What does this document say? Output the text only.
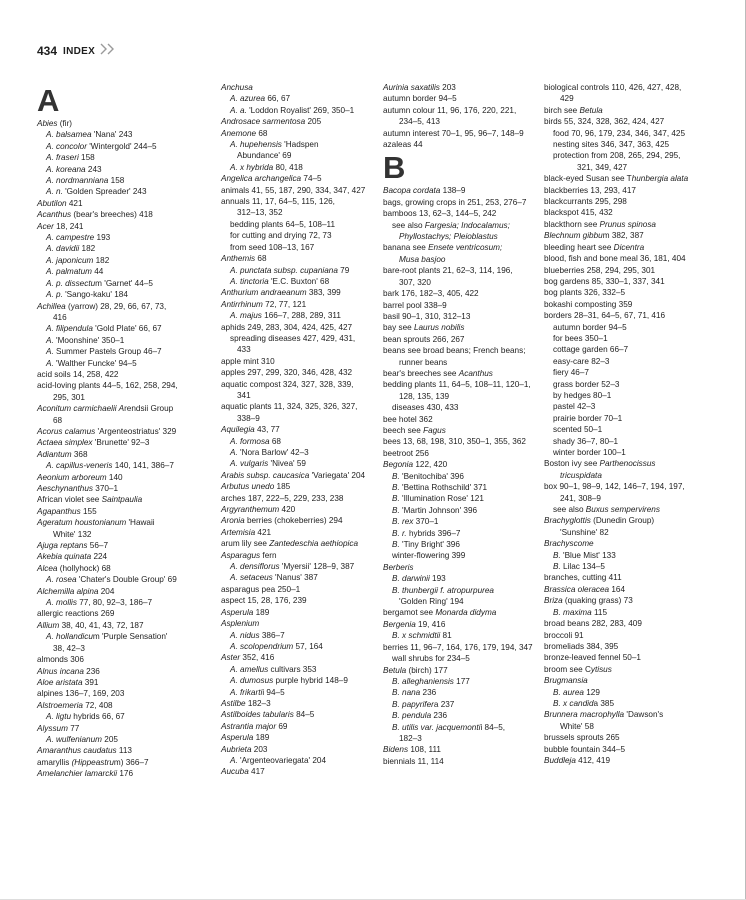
434 INDEX
A
Abies (fir)
A. balsamea 'Nana' 243
A. concolor 'Wintergold' 244–5
A. fraseri 158
A. koreana 243
A. nordmanniana 158
A. n. 'Golden Spreader' 243
Abutilon 421
Acanthus (bear's breeches) 418
Acer 18, 241
A. campestre 193
A. davidii 182
A. japonicum 182
A. palmatum 44
A. p. dissectum 'Garnet' 44–5
A. p. 'Sango-kaku' 184
Achillea (yarrow) 28, 29, 66, 67, 73,
416
A. filipendula 'Gold Plate' 66, 67
A. 'Moonshine' 350–1
A. Summer Pastels Group 46–7
A. 'Walther Funcke' 94–5
acid soils 14, 258, 422
acid-loving plants 44–5, 162, 258, 294,
295, 301
Aconitum carmichaelii Arendsii Group
68
Acorus calamus 'Argenteostriatus' 329
Actaea simplex 'Brunette' 92–3
Adiantum 368
A. capillus-veneris 140, 141, 386–7
Aeonium arboreum 140
Aeschynanthus 370–1
African violet see Saintpaulia
Agapanthus 155
Ageratum houstonianum 'Hawaii
White' 132
Ajuga reptans 56–7
Akebia quinata 224
Alcea (hollyhock) 68
A. rosea 'Chater's Double Group' 69
Alchemilla alpina 204
A. mollis 77, 80, 92–3, 186–7
allergic reactions 269
Allium 38, 40, 41, 43, 72, 187
A. hollandicum 'Purple Sensation'
38, 42–3
almonds 306
Alnus incana 236
Aloe aristata 391
alpines 136–7, 169, 203
Alstroemeria 72, 408
A. ligtu hybrids 66, 67
Alyssum 77
A. wulfenianum 205
Amaranthus caudatus 113
amaryllis (Hippeastrum) 366–7
Amelanchier lamarckii 176
Anchusa
A. azurea 66, 67
A. a. 'Loddon Royalist' 269, 350–1
Androsace sarmentosa 205
Anemone 68
A. hupehensis 'Hadspen
Abundance' 69
A. x hybrida 80, 418
Angelica archangelica 74–5
animals 41, 55, 187, 290, 334, 347, 427
annuals 11, 17, 64–5, 115, 126,
312–13, 352
bedding plants 64–5, 108–11
for cutting and drying 72, 73
from seed 108–13, 167
Anthemis 68
A. punctata subsp. cupaniana 79
A. tinctoria 'E.C. Buxton' 68
Anthurium andraeanum 383, 399
Antirrhinum 72, 77, 121
A. majus 166–7, 288, 289, 311
aphids 249, 283, 304, 424, 425, 427
spreading diseases 427, 429, 431,
433
apple mint 310
apples 297, 299, 320, 346, 428, 432
aquatic compost 324, 327, 328, 339,
341
aquatic plants 11, 324, 325, 326, 327,
338–9
Aquilegia 43, 77
A. formosa 68
A. 'Nora Barlow' 42–3
A. vulgaris 'Nivea' 59
Arabis subsp. caucasica 'Variegata' 204
Arbutus unedo 185
arches 187, 222–5, 229, 233, 238
Argyranthemum 420
Aronia berries (chokeberries) 294
Artemisia 421
arum lily see Zantedeschia aethiopica
Asparagus fern
A. densiflorus 'Myersii' 128–9, 387
A. setaceus 'Nanus' 387
asparagus pea 250–1
aspect 15, 28, 176, 239
Asperula 189
Asplenium
A. nidus 386–7
A. scolopendrium 57, 164
Aster 352, 416
A. amellus cultivars 353
A. dumosus purple hybrid 148–9
A. frikartii 94–5
Astilbe 182–3
Astilboides tabularis 84–5
Astrantia major 69
Asperula 189
Aubrieta 203
A. 'Argenteovariegata' 204
Aucuba 417
Aurinia saxatilis 203
autumn border 94–5
autumn colour 11, 96, 176, 220, 221,
234–5, 413
autumn interest 70–1, 95, 96–7, 148–9
azaleas 44
B
Bacopa cordata 138–9
bags, growing crops in 251, 253, 276–7
bamboos 13, 62–3, 144–5, 242
see also Fargesia; Indocalamus;
Phyllostachys; Pleioblastus
banana see Ensete ventricosum;
Musa basjoo
bare-root plants 21, 62–3, 114, 196,
307, 320
bark 176, 182–3, 405, 422
barrel pool 338–9
basil 90–1, 310, 312–13
bay see Laurus nobilis
bean sprouts 266, 267
beans see broad beans; French beans;
runner beans
bear's breeches see Acanthus
bedding plants 11, 64–5, 108–11, 120–1,
128, 135, 139
diseases 430, 433
bee hotel 362
beech see Fagus
bees 13, 68, 198, 310, 350–1, 355, 362
beetroot 256
Begonia 122, 420
B. 'Benitochiba' 396
B. 'Bettina Rothschild' 371
B. 'Illumination Rose' 121
B. 'Martin Johnson' 396
B. rex 370–1
B. r. hybrids 396–7
B. 'Tiny Bright' 396
winter-flowering 399
Berberis
B. darwinii 193
B. thunbergii f. atropurpurea
'Golden Ring' 194
bergamot see Monarda didyma
Bergenia 19, 416
B. x schmidtii 81
berries 11, 96–7, 164, 176, 179, 194, 347
wall shrubs for 234–5
Betula (birch) 177
B. alleghaniensis 177
B. nana 236
B. papyrifera 237
B. pendula 236
B. utilis var. jacquemontii 84–5,
182–3
Bidens 108, 111
biennials 11, 114
biological controls 110, 426, 427, 428,
429
birch see Betula
birds 55, 324, 328, 362, 424, 427
food 70, 96, 179, 234, 346, 347, 425
nesting sites 346, 347, 363, 425
protection from 208, 265, 294, 295,
321, 349, 427
black-eyed Susan see Thunbergia alata
blackberries 13, 293, 417
blackcurrants 295, 298
blackspot 415, 432
blackthorn see Prunus spinosa
Blechnum gibbum 382, 387
bleeding heart see Dicentra
blood, fish and bone meal 36, 181, 404
blueberries 258, 294, 295, 301
bog gardens 85, 330–1, 337, 341
bog plants 326, 332–5
bokashi composting 359
borders 28–31, 64–5, 67, 71, 416
autumn border 94–5
for bees 350–1
cottage garden 66–7
easy-care 82–3
fiery 46–7
grass border 52–3
by hedges 80–1
pastel 42–3
prairie border 70–1
scented 50–1
shady 36–7, 80–1
winter border 100–1
Boston ivy see Parthenocissus
tricuspidata
box 90–1, 98–9, 142, 146–7, 194, 197,
241, 308–9
see also Buxus sempervirens
Brachyglottis (Dunedin Group)
'Sunshine' 82
Brachyscome
B. 'Blue Mist' 133
B. Lilac 134–5
branches, cutting 411
Brassica oleracea 164
Briza (quaking grass) 73
B. maxima 115
broad beans 282, 283, 409
broccoli 91
bromeliads 384, 395
bronze-leaved fennel 50–1
broom see Cytisus
Brugmansia
B. aurea 129
B. x candida 385
Brunnera macrophylla 'Dawson's
White' 58
brussels sprouts 265
bubble fountain 344–5
Buddleja 412, 419
